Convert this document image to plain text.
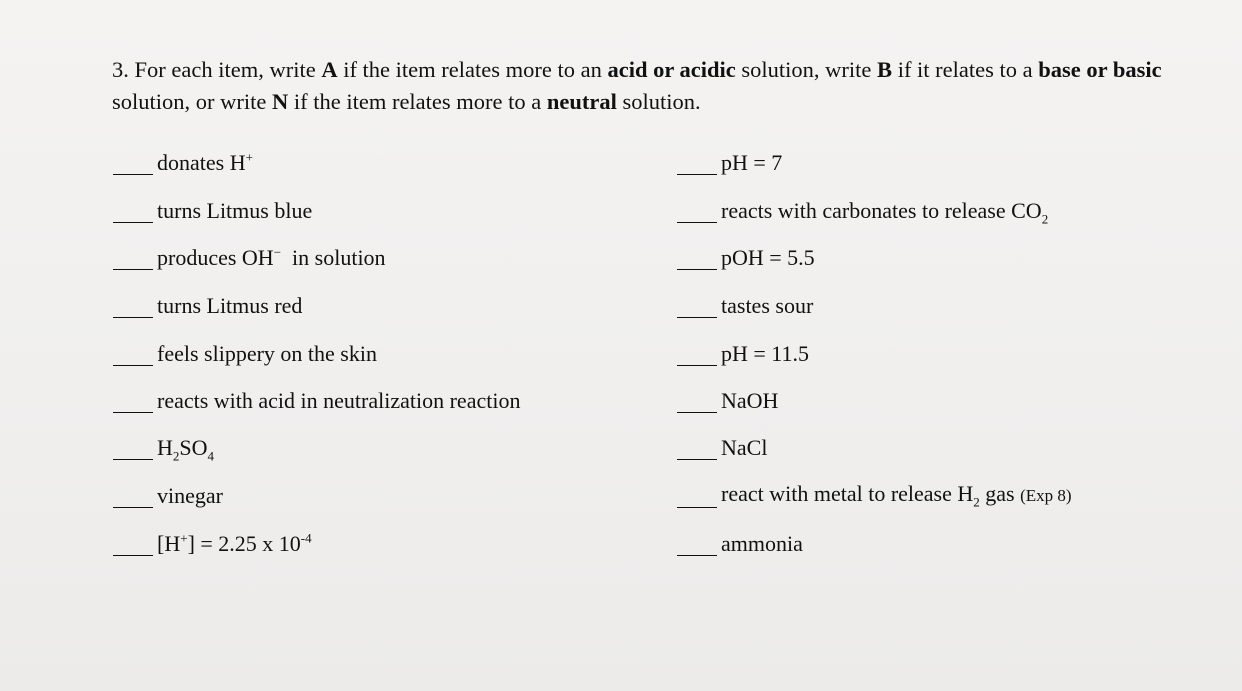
3. For each item, write A if the item relates more to an acid or acidic solution, write B if it relates to a base or basic solution, or write N if the item relates more to a neutral solution.
donates H+
turns Litmus blue
produces OH−  in solution
turns Litmus red
feels slippery on the skin
reacts with acid in neutralization reaction
$H_2SO_4$
vinegar
[H+] = 2.25 x $10^{-4}$
pH = 7
reacts with carbonates to release $CO_2$
pOH = 5.5
tastes sour
pH = 11.5
NaOH
NaCl
react with metal to release $H_2$ gas (Exp 8)
ammonia
